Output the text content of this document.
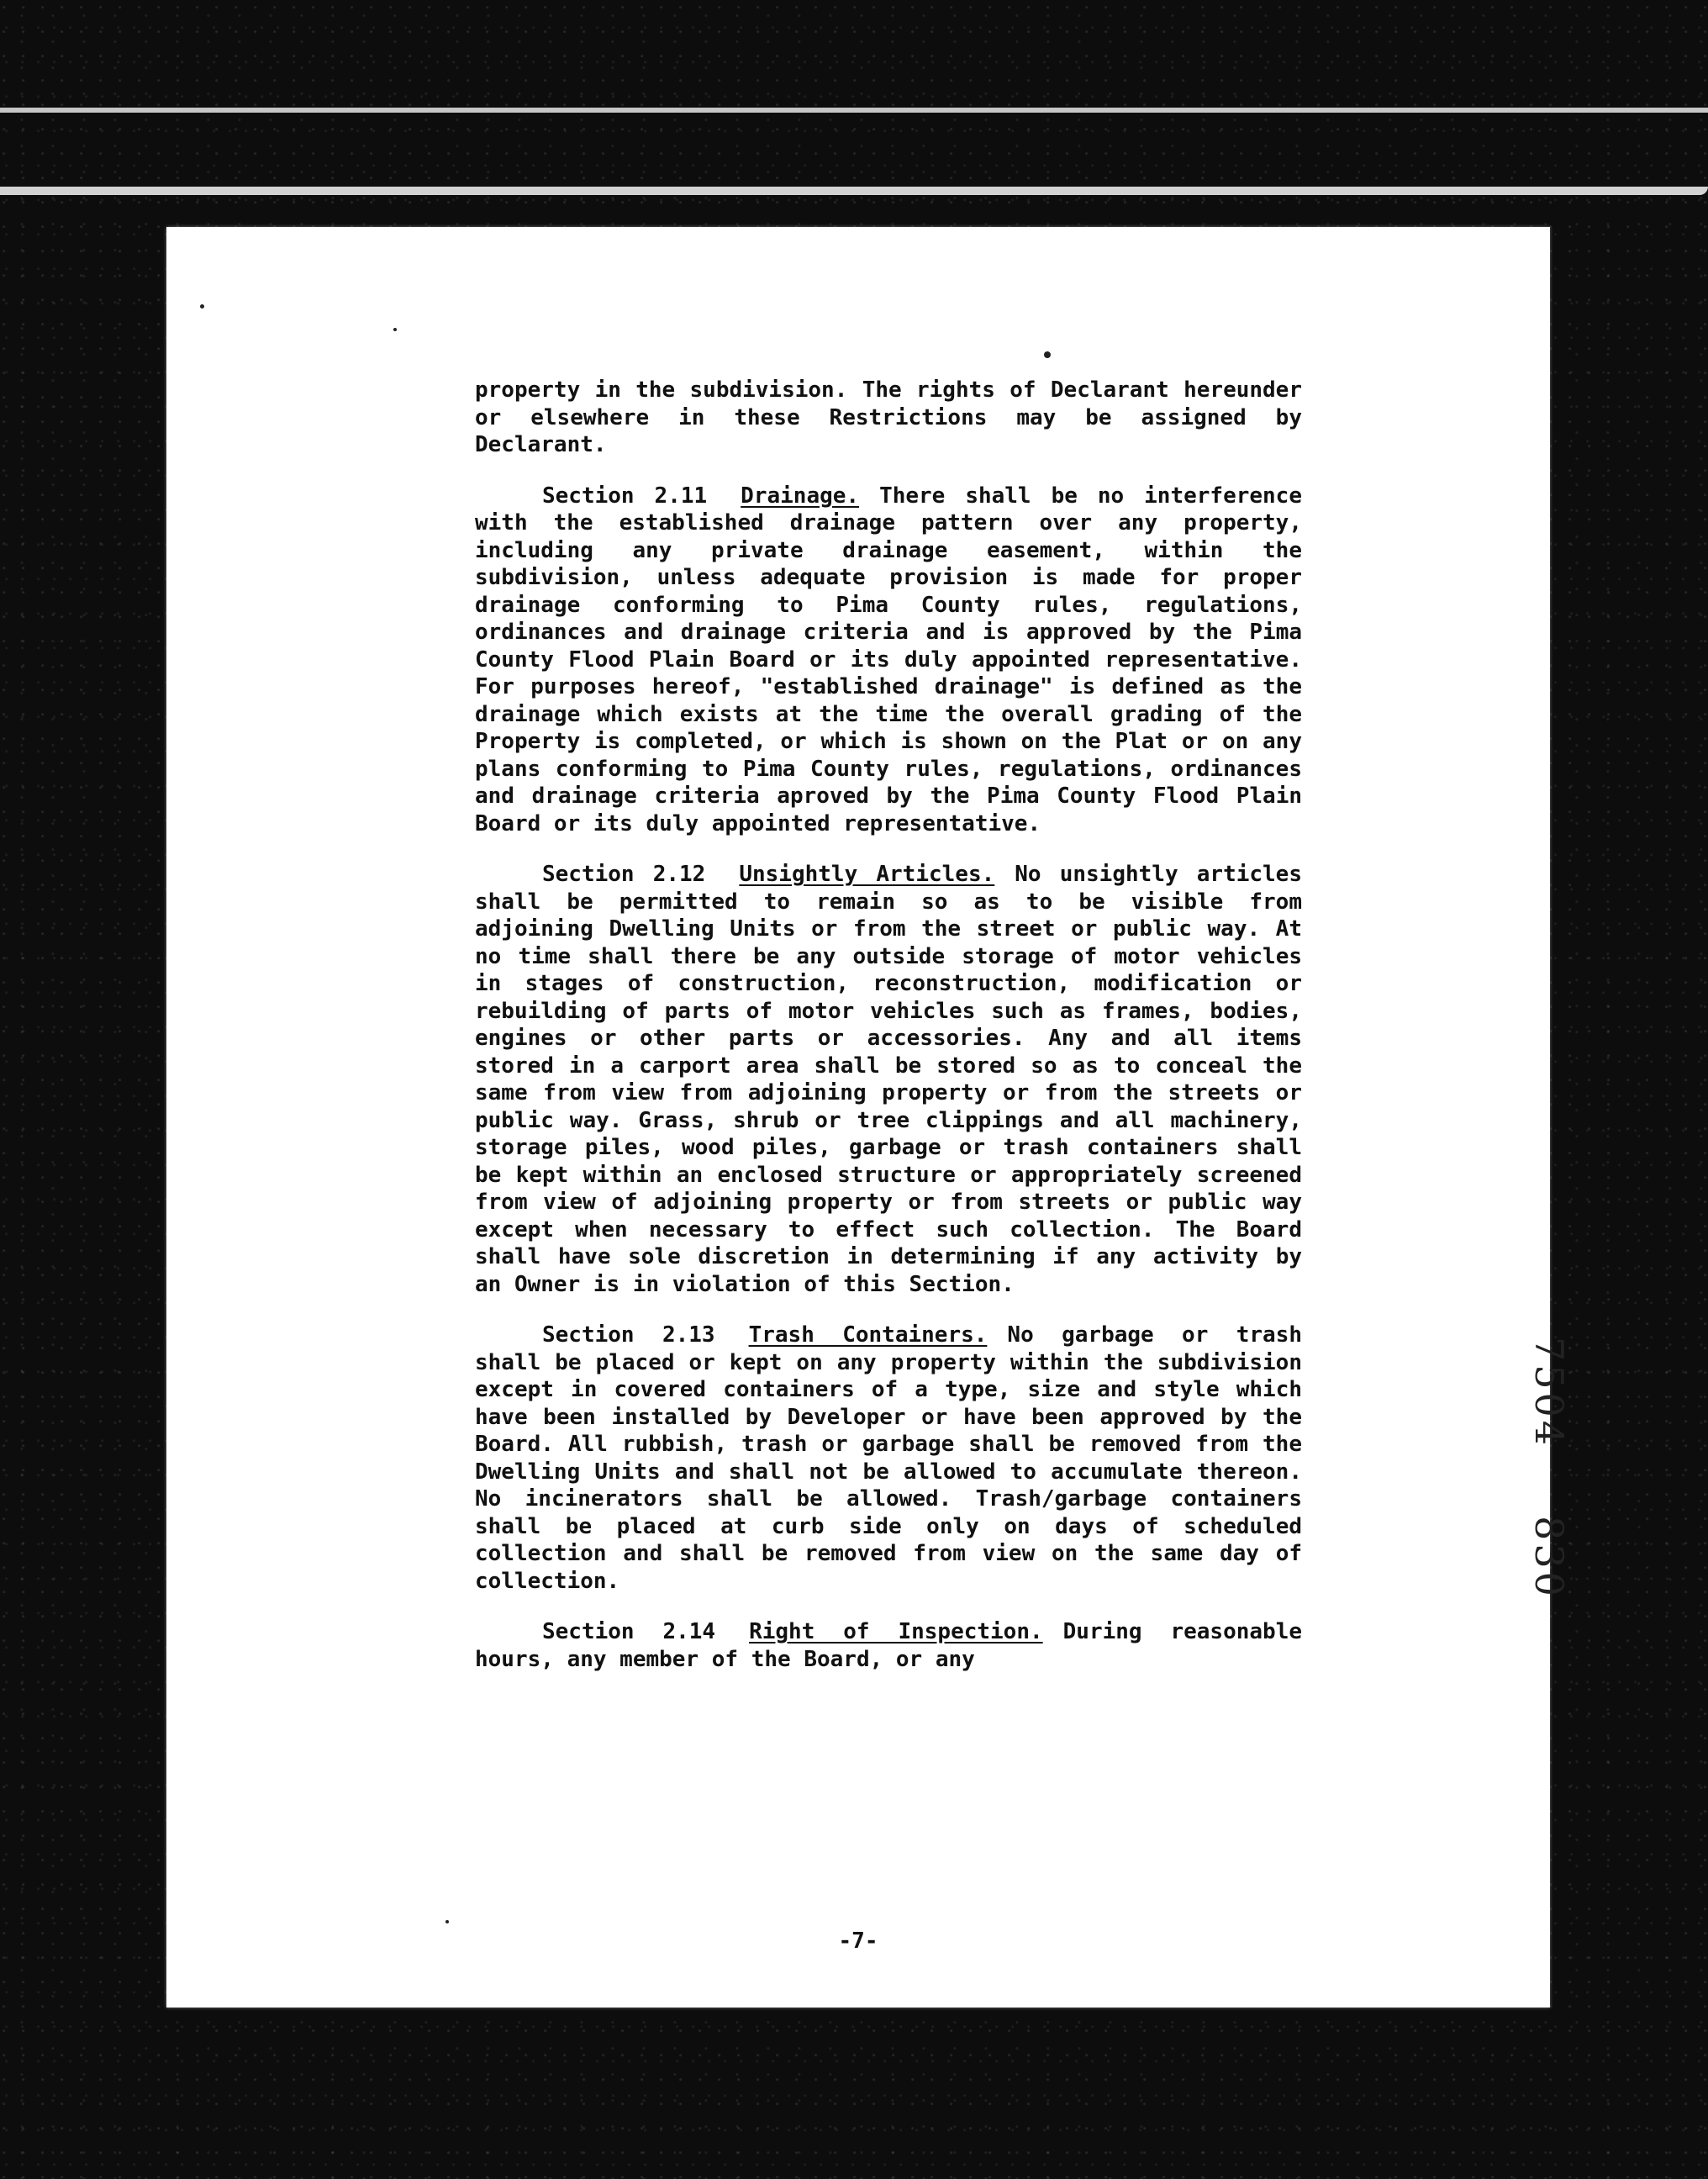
property in the subdivision. The rights of Declarant hereunder or elsewhere in these Restrictions may be assigned by Declarant.

Section 2.11 Drainage. There shall be no interference with the established drainage pattern over any property, including any private drainage easement, within the subdivision, unless adequate provision is made for proper drainage conforming to Pima County rules, regulations, ordinances and drainage criteria and is approved by the Pima County Flood Plain Board or its duly appointed representative. For purposes hereof, "established drainage" is defined as the drainage which exists at the time the overall grading of the Property is completed, or which is shown on the Plat or on any plans conforming to Pima County rules, regulations, ordinances and drainage criteria aproved by the Pima County Flood Plain Board or its duly appointed representative.

Section 2.12 Unsightly Articles. No unsightly articles shall be permitted to remain so as to be visible from adjoining Dwelling Units or from the street or public way. At no time shall there be any outside storage of motor vehicles in stages of construction, reconstruction, modification or rebuilding of parts of motor vehicles such as frames, bodies, engines or other parts or accessories. Any and all items stored in a carport area shall be stored so as to conceal the same from view from adjoining property or from the streets or public way. Grass, shrub or tree clippings and all machinery, storage piles, wood piles, garbage or trash containers shall be kept within an enclosed structure or appropriately screened from view of adjoining property or from streets or public way except when necessary to effect such collection. The Board shall have sole discretion in determining if any activity by an Owner is in violation of this Section.

Section 2.13 Trash Containers. No garbage or trash shall be placed or kept on any property within the subdivision except in covered containers of a type, size and style which have been installed by Developer or have been approved by the Board. All rubbish, trash or garbage shall be removed from the Dwelling Units and shall not be allowed to accumulate thereon. No incinerators shall be allowed. Trash/garbage containers shall be placed at curb side only on days of scheduled collection and shall be removed from view on the same day of collection.

Section 2.14 Right of Inspection. During reasonable hours, any member of the Board, or any

-7-
7504830
